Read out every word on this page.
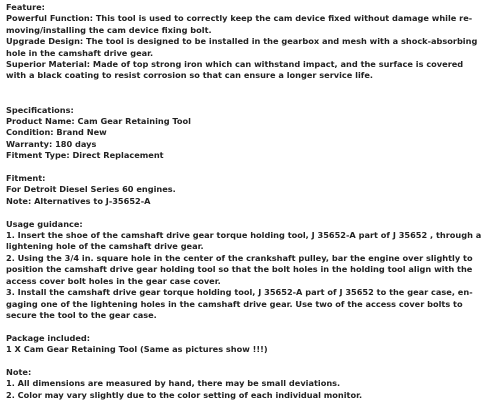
Feature:

Powerful Function: This tool is used to correctly keep the cam device fixed without damage while re-

moving/installing the cam device fixing bolt.

Upgrade Design: The tool is designed to be installed in the gearbox and mesh with a shock-absorbing

hole in the camshaft drive gear.

Superior Material: Made of top strong iron which can withstand impact, and the surface is covered

with a black coating to resist corrosion so that can ensure a longer service life.

Specifications:

Product Name: Cam Gear Retaining Tool

Condition: Brand New

Warranty: 180 days

Fitment Type: Direct Replacement

Fitment:

For Detroit Diesel Series 60 engines.

Note: Alternatives to J-35652-A

Usage guidance:

1. Insert the shoe of the camshaft drive gear torque holding tool, J 35652-A part of J 35652 , through a

lightening hole of the camshaft drive gear.

2. Using the 3/4 in. square hole in the center of the crankshaft pulley, bar the engine over slightly to

position the camshaft drive gear holding tool so that the bolt holes in the holding tool align with the

access cover bolt holes in the gear case cover.

3. Install the camshaft drive gear torque holding tool, J 35652-A part of J 35652 to the gear case, en-

gaging one of the lightening holes in the camshaft drive gear. Use two of the access cover bolts to

secure the tool to the gear case.

Package included:

1 X Cam Gear Retaining Tool (Same as pictures show !!!)

Note:

1. All dimensions are measured by hand, there may be small deviations.

2. Color may vary slightly due to the color setting of each individual monitor.
